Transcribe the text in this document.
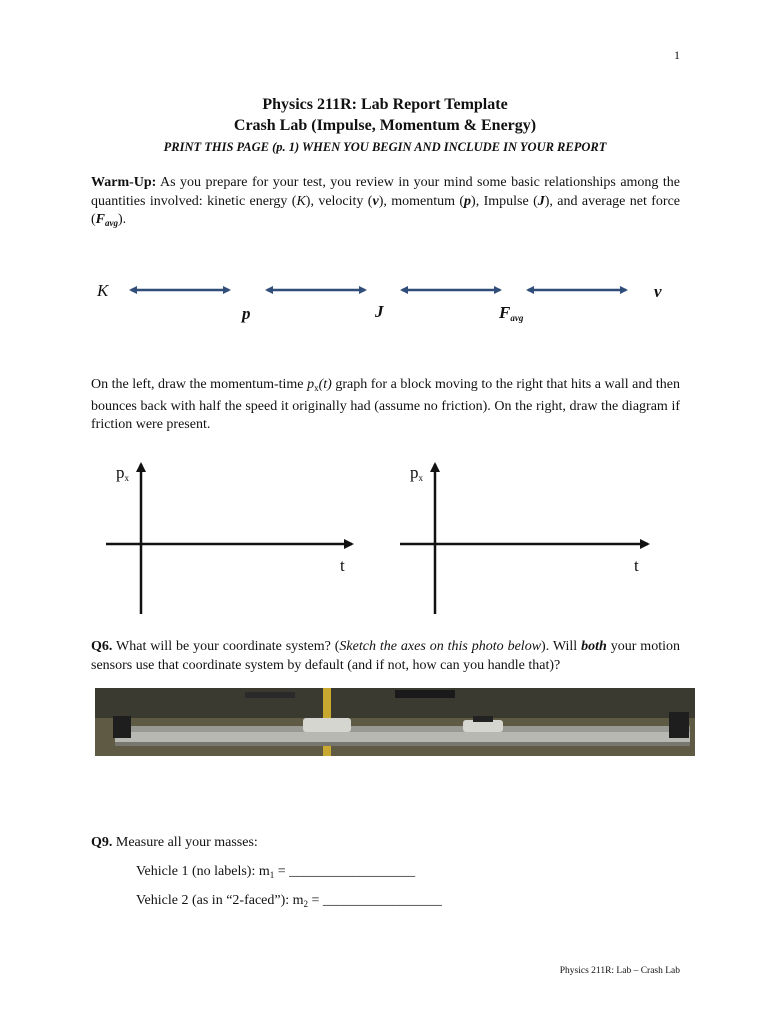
1
Physics 211R: Lab Report Template
Crash Lab (Impulse, Momentum & Energy)
PRINT THIS PAGE (p. 1) WHEN YOU BEGIN AND INCLUDE IN YOUR REPORT
Warm-Up: As you prepare for your test, you review in your mind some basic relationships among the quantities involved: kinetic energy (K), velocity (v), momentum (p), Impulse (J), and average net force $(F_{avg})$.
K
p	J	$F_{avg}$
v
On the left, draw the momentum-time $p_x(t)$ graph for a block moving to the right that hits a wall and then bounces back with half the speed it originally had (assume no friction). On the right, draw the diagram if friction were present.
$p_x$
t
$p_x$
t
Q6. What will be your coordinate system? (Sketch the axes on this photo below). Will both your motion sensors use that coordinate system by default (and if not, how can you handle that)?
Q9. Measure all your masses:
Vehicle 1 (no labels): $m_1$ = __________________
Vehicle 2 (as in “2-faced”): $m_2$ = _________________
Physics 211R: Lab – Crash Lab
